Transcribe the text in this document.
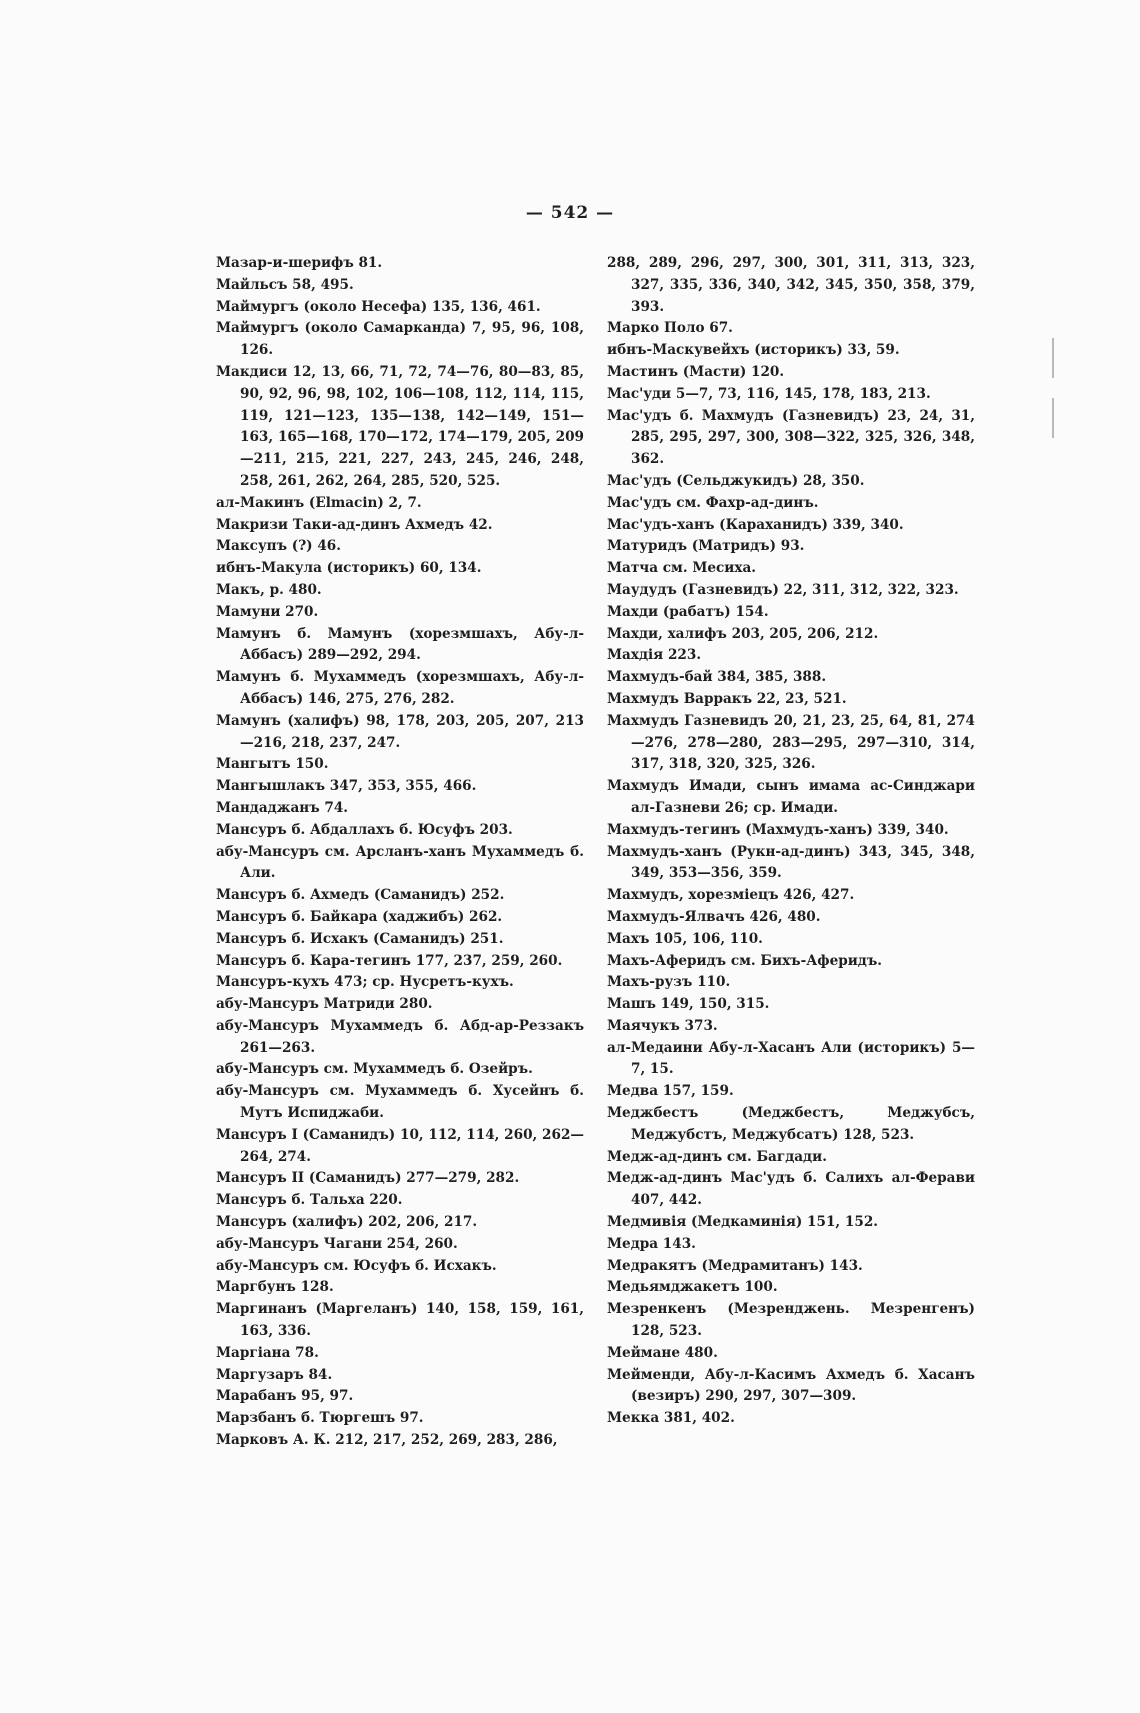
— 542 —
Мазар-и-шерифъ 81.
Майльсъ 58, 495.
Маймургъ (около Несефа) 135, 136, 461.
Маймургъ (около Самарканда) 7, 95, 96, 108, 126.
Макдиси 12, 13, 66, 71, 72, 74—76, 80—83, 85, 90, 92, 96, 98, 102, 106—108, 112, 114, 115, 119, 121—123, 135—138, 142—149, 151—163, 165—168, 170—172, 174—179, 205, 209—211, 215, 221, 227, 243, 245, 246, 248, 258, 261, 262, 264, 285, 520, 525.
ал-Макинъ (Elmacin) 2, 7.
Макризи Таки-ад-динъ Ахмедъ 42.
Максупъ (?) 46.
ибнъ-Макула (историкъ) 60, 134.
Макъ, р. 480.
Мамуни 270.
Мамунъ б. Мамунъ (хорезмшахъ, Абу-л-Аббасъ) 289—292, 294.
Мамунъ б. Мухаммедъ (хорезмшахъ, Абу-л-Аббасъ) 146, 275, 276, 282.
Мамунъ (халифъ) 98, 178, 203, 205, 207, 213—216, 218, 237, 247.
Мангытъ 150.
Мангышлакъ 347, 353, 355, 466.
Мандаджанъ 74.
Мансуръ б. Абдаллахъ б. Юсуфъ 203.
абу-Мансуръ см. Арсланъ-ханъ Мухаммедъ б. Али.
Мансуръ б. Ахмедъ (Саманидъ) 252.
Мансуръ б. Байкара (хаджибъ) 262.
Мансуръ б. Исхакъ (Саманидъ) 251.
Мансуръ б. Кара-тегинъ 177, 237, 259, 260.
Мансуръ-кухъ 473; ср. Нусретъ-кухъ.
абу-Мансуръ Матриди 280.
абу-Мансуръ Мухаммедъ б. Абд-ар-Реззакъ 261—263.
абу-Мансуръ см. Мухаммедъ б. Озейръ.
абу-Мансуръ см. Мухаммедъ б. Хусейнъ б. Мутъ Испиджаби.
Мансуръ I (Саманидъ) 10, 112, 114, 260, 262—264, 274.
Мансуръ II (Саманидъ) 277—279, 282.
Мансуръ б. Тальха 220.
Мансуръ (халифъ) 202, 206, 217.
абу-Мансуръ Чагани 254, 260.
абу-Мансуръ см. Юсуфъ б. Исхакъ.
Маргбунъ 128.
Маргинанъ (Маргеланъ) 140, 158, 159, 161, 163, 336.
Маргіана 78.
Маргузаръ 84.
Марабанъ 95, 97.
Марзбанъ б. Тюргешъ 97.
Марковъ А. К. 212, 217, 252, 269, 283, 286,
288, 289, 296, 297, 300, 301, 311, 313, 323, 327, 335, 336, 340, 342, 345, 350, 358, 379, 393.
Марко Поло 67.
ибнъ-Маскувейхъ (историкъ) 33, 59.
Мастинъ (Масти) 120.
Мас'уди 5—7, 73, 116, 145, 178, 183, 213.
Мас'удъ б. Махмудъ (Газневидъ) 23, 24, 31, 285, 295, 297, 300, 308—322, 325, 326, 348, 362.
Мас'удъ (Сельджукидъ) 28, 350.
Мас'удъ см. Фахр-ад-динъ.
Мас'удъ-ханъ (Караханидъ) 339, 340.
Матуридъ (Матридъ) 93.
Матча см. Месиха.
Маудудъ (Газневидъ) 22, 311, 312, 322, 323.
Махди (рабатъ) 154.
Махди, халифъ 203, 205, 206, 212.
Махдія 223.
Махмудъ-бай 384, 385, 388.
Махмудъ Варракъ 22, 23, 521.
Махмудъ Газневидъ 20, 21, 23, 25, 64, 81, 274—276, 278—280, 283—295, 297—310, 314, 317, 318, 320, 325, 326.
Махмудъ Имади, сынъ имама ас-Синджари ал-Газневи 26; ср. Имади.
Махмудъ-тегинъ (Махмудъ-ханъ) 339, 340.
Махмудъ-ханъ (Рукн-ад-динъ) 343, 345, 348, 349, 353—356, 359.
Махмудъ, хорезміецъ 426, 427.
Махмудъ-Ялвачъ 426, 480.
Махъ 105, 106, 110.
Махъ-Аферидъ см. Бихъ-Аферидъ.
Махъ-рузъ 110.
Машъ 149, 150, 315.
Маячукъ 373.
ал-Медаини Абу-л-Хасанъ Али (историкъ) 5—7, 15.
Медва 157, 159.
Меджбестъ (Меджбестъ, Меджубсъ, Меджубстъ, Меджубсатъ) 128, 523.
Медж-ад-динъ см. Багдади.
Медж-ад-динъ Мас'удъ б. Салихъ ал-Ферави 407, 442.
Медмивія (Медкаминія) 151, 152.
Медра 143.
Медракятъ (Медрамитанъ) 143.
Медьямджакетъ 100.
Мезренкенъ (Мезренджень. Мезренгенъ) 128, 523.
Меймане 480.
Мейменди, Абу-л-Касимъ Ахмедъ б. Хасанъ (везиръ) 290, 297, 307—309.
Мекка 381, 402.
